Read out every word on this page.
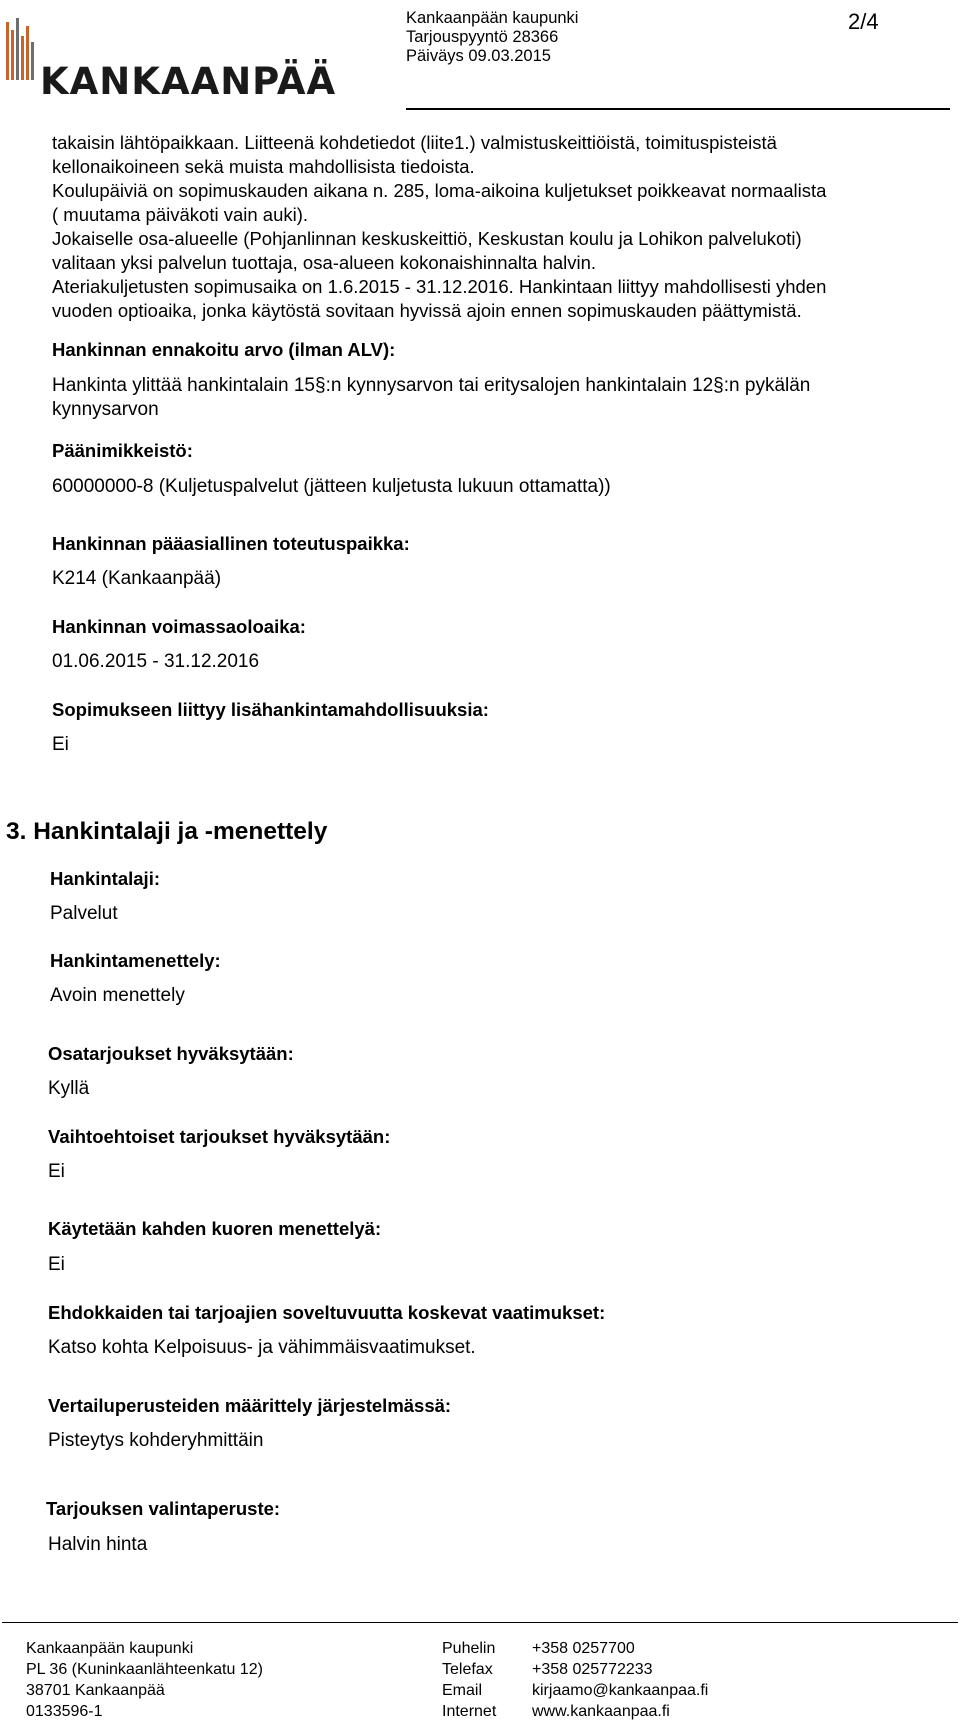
KANKAANPÄÄ
Kankaanpään kaupunki
Tarjouspyyntö 28366
Päiväys 09.03.2015
2/4
takaisin lähtöpaikkaan. Liitteenä kohdetiedot (liite1.) valmistuskeittiöistä, toimituspisteistä
kellonaikoineen sekä muista mahdollisista tiedoista.
Koulupäiviä on sopimuskauden aikana n. 285, loma-aikoina kuljetukset poikkeavat normaalista
( muutama päiväkoti vain auki).
Jokaiselle osa-alueelle (Pohjanlinnan keskuskeittiö, Keskustan koulu ja Lohikon palvelukoti)
valitaan yksi palvelun tuottaja, osa-alueen kokonaishinnalta halvin.
Ateriakuljetusten sopimusaika on 1.6.2015 - 31.12.2016. Hankintaan liittyy mahdollisesti yhden
vuoden optioaika, jonka käytöstä sovitaan hyvissä ajoin ennen sopimuskauden päättymistä.
Hankinnan ennakoitu arvo (ilman ALV):
Hankinta ylittää hankintalain 15§:n kynnysarvon tai eritysalojen hankintalain 12§:n pykälän
kynnysarvon
Päänimikkeistö:
60000000-8 (Kuljetuspalvelut (jätteen kuljetusta lukuun ottamatta))
Hankinnan pääasiallinen toteutuspaikka:
K214 (Kankaanpää)
Hankinnan voimassaoloaika:
01.06.2015 - 31.12.2016
Sopimukseen liittyy lisähankintamahdollisuuksia:
Ei
3. Hankintalaji ja -menettely
Hankintalaji:
Palvelut
Hankintamenettely:
Avoin menettely
Osatarjoukset hyväksytään:
Kyllä
Vaihtoehtoiset tarjoukset hyväksytään:
Ei
Käytetään kahden kuoren menettelyä:
Ei
Ehdokkaiden tai tarjoajien soveltuvuutta koskevat vaatimukset:
Katso kohta Kelpoisuus- ja vähimmäisvaatimukset.
Vertailuperusteiden määrittely järjestelmässä:
Pisteytys kohderyhmittäin
Tarjouksen valintaperuste:
Halvin hinta
Kankaanpään kaupunki
PL 36 (Kuninkaanlähteenkatu 12)
38701 Kankaanpää
0133596-1
Puhelin
Telefax
Email
Internet
+358 0257700
+358 025772233
kirjaamo@kankaanpaa.fi
www.kankaanpaa.fi
